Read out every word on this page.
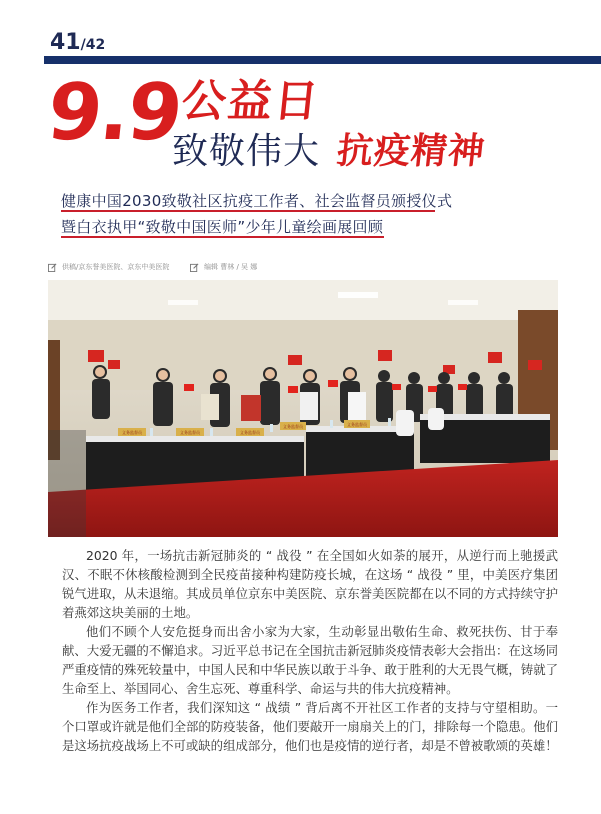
41/42
9.9
公益日
致敬伟大 抗疫精神
健康中国2030致敬社区抗疫工作者、社会监督员颁授仪式
暨白衣执甲“致敬中国医师”少年儿童绘画展回顾
供稿/京东誉美医院、京东中美医院	编辑 曹林 / 吴 娜
义务监督员	义务监督员	义务监督员
义务监督员	义务监督员

2020 年，一场抗击新冠肺炎的 “ 战役 ” 在全国如火如荼的展开，从逆行而上驰援武汉、不眠不休核酸检测到全民疫苗接种构建防疫长城，在这场 “ 战役 ” 里，中美医疗集团锐气进取，从未退缩。其成员单位京东中美医院、京东誉美医院都在以不同的方式持续守护着燕郊这块美丽的土地。

他们不顾个人安危挺身而出舍小家为大家，生动彰显出敬佑生命、救死扶伤、甘于奉献、大爱无疆的不懈追求。习近平总书记在全国抗击新冠肺炎疫情表彰大会指出：在这场同严重疫情的殊死较量中，中国人民和中华民族以敢于斗争、敢于胜利的大无畏气概，铸就了生命至上、举国同心、舍生忘死、尊重科学、命运与共的伟大抗疫精神。

作为医务工作者，我们深知这 “ 战绩 ” 背后离不开社区工作者的支持与守望相助。一个口罩或许就是他们全部的防疫装备，他们要敲开一扇扇关上的门，排除每一个隐患。他们是这场抗疫战场上不可或缺的组成部分，他们也是疫情的逆行者，却是不曾被歌颂的英雄！
